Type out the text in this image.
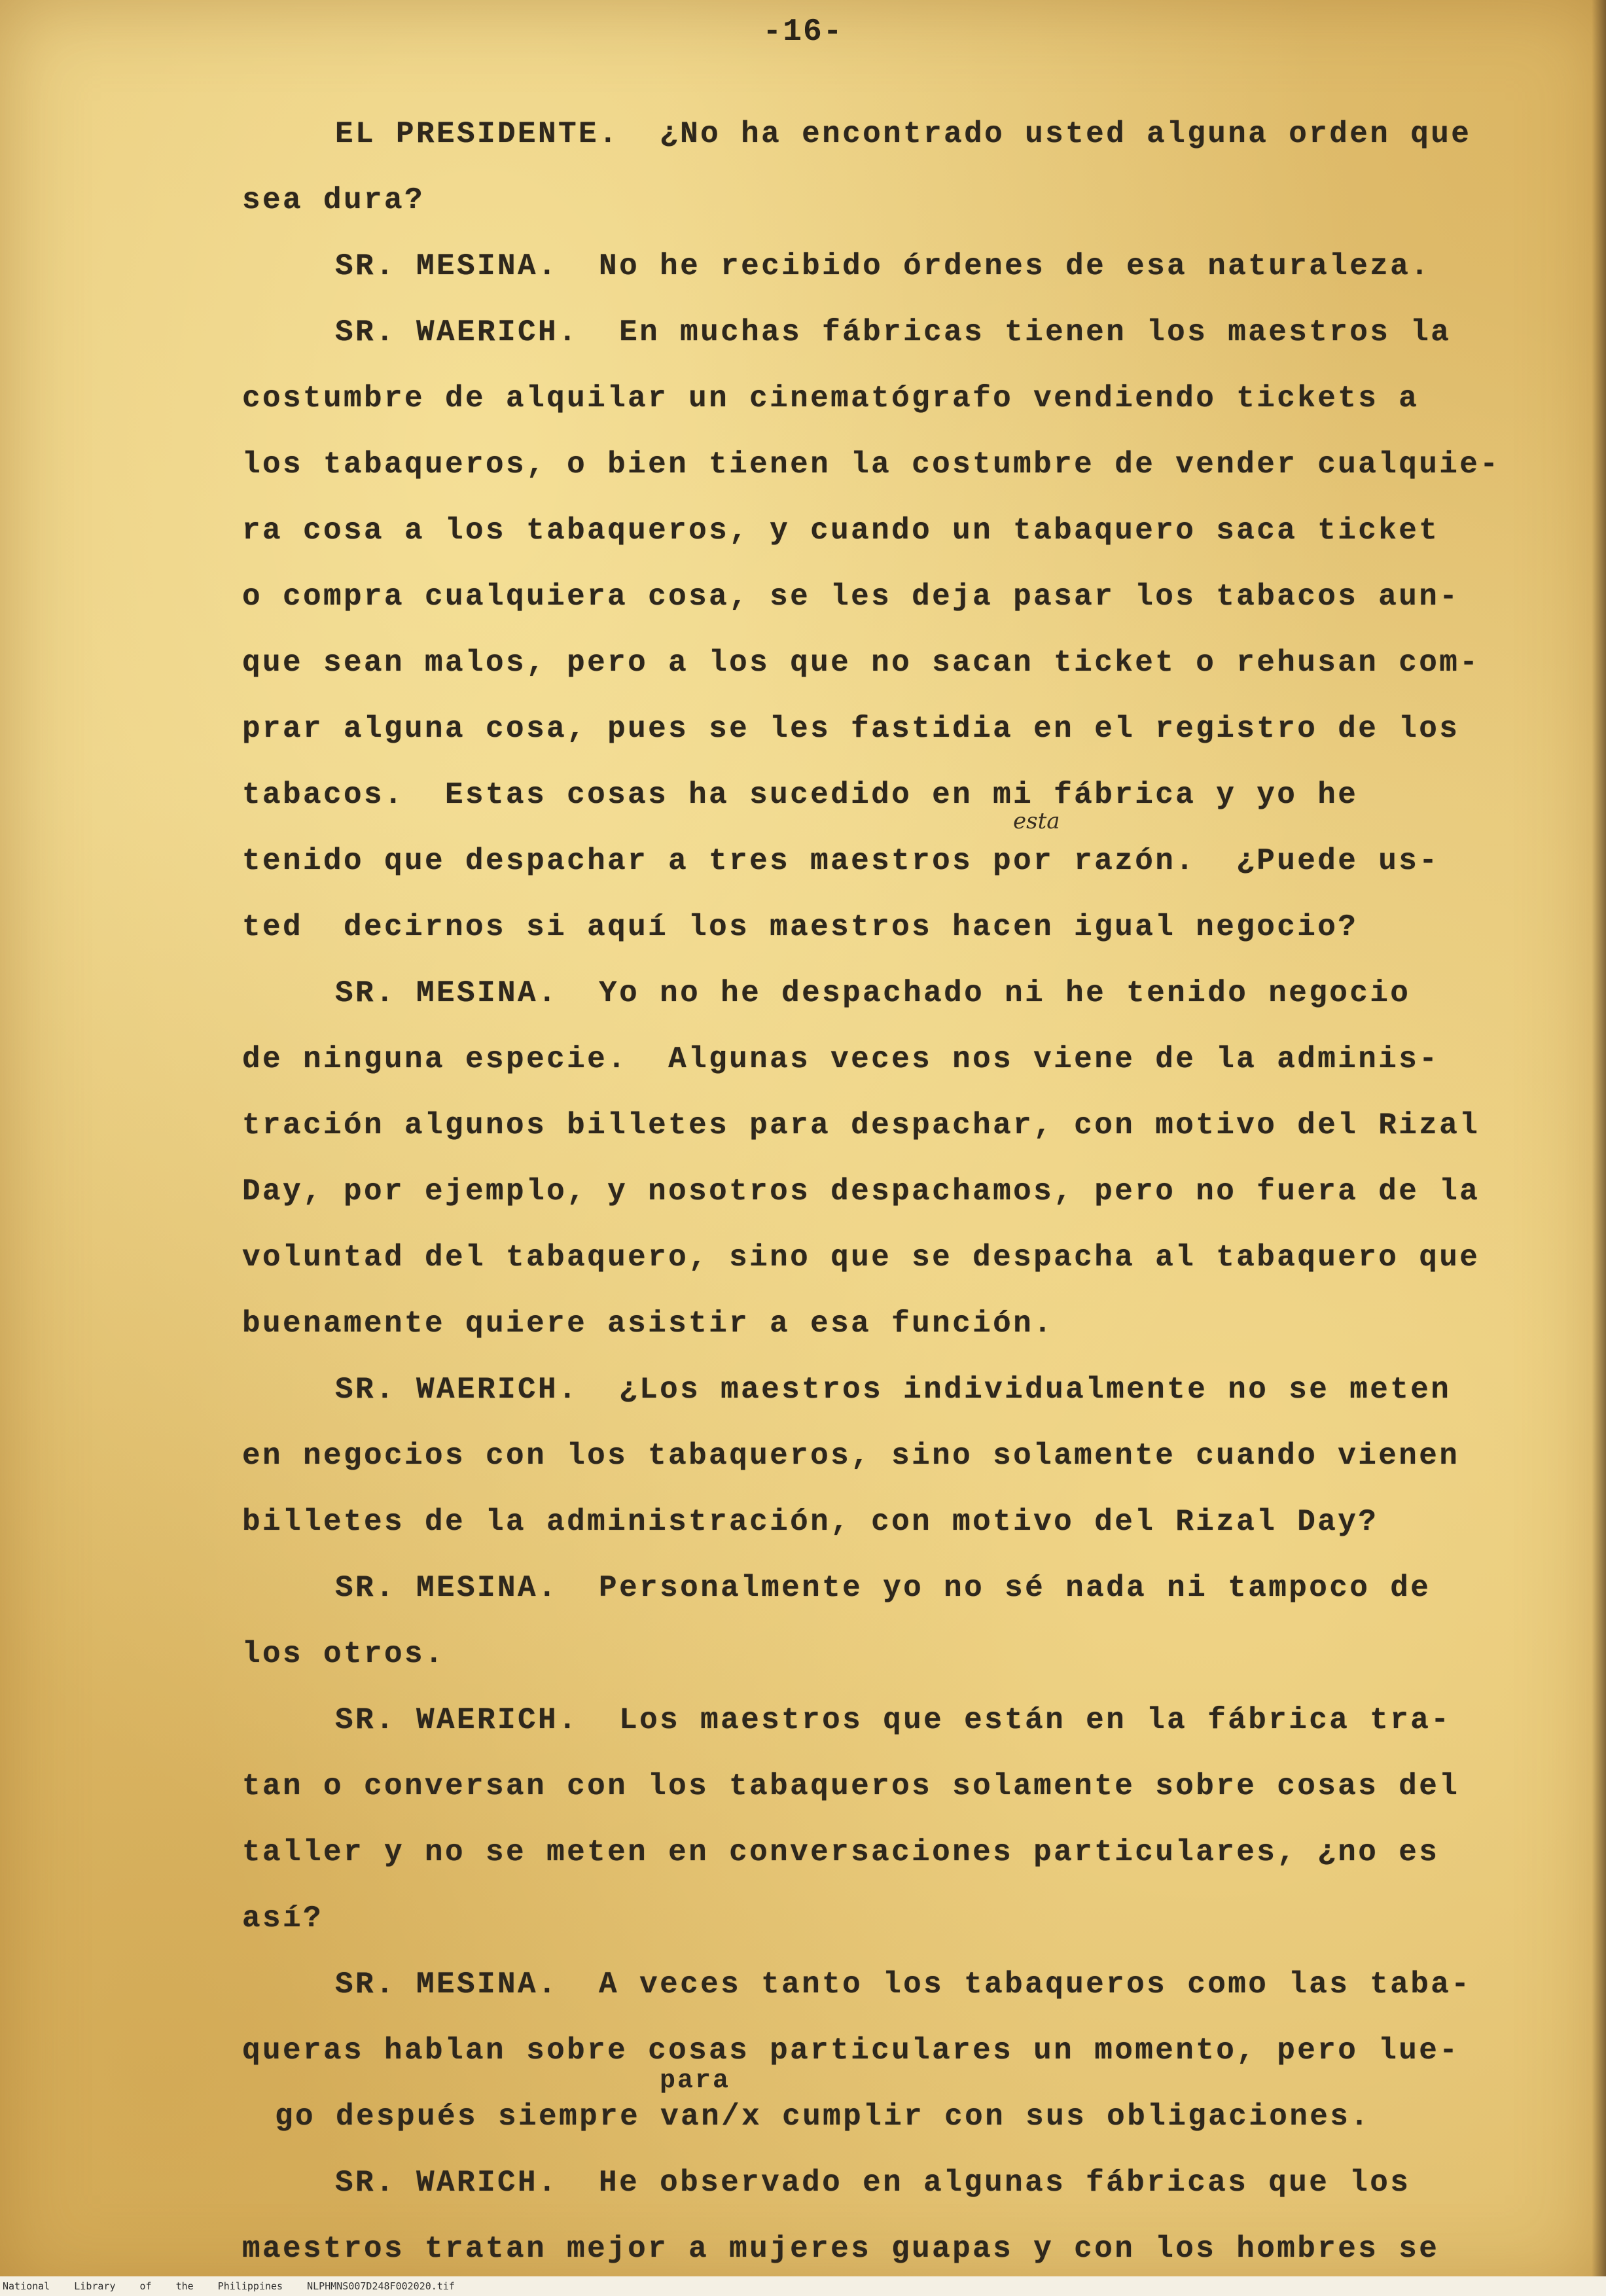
-16-
EL PRESIDENTE.  ¿No ha encontrado usted alguna orden que
sea dura?
SR. MESINA.  No he recibido órdenes de esa naturaleza.
SR. WAERICH.  En muchas fábricas tienen los maestros la
costumbre de alquilar un cinematógrafo vendiendo tickets a
los tabaqueros, o bien tienen la costumbre de vender cualquie-
ra cosa a los tabaqueros, y cuando un tabaquero saca ticket
o compra cualquiera cosa, se les deja pasar los tabacos aun-
que sean malos, pero a los que no sacan ticket o rehusan com-
prar alguna cosa, pues se les fastidia en el registro de los
tabacos.  Estas cosas ha sucedido en mi fábrica y yo he
esta
tenido que despachar a tres maestros por razón.  ¿Puede us-
ted  decirnos si aquí los maestros hacen igual negocio?
SR. MESINA.  Yo no he despachado ni he tenido negocio
de ninguna especie.  Algunas veces nos viene de la adminis-
tración algunos billetes para despachar, con motivo del Rizal
Day, por ejemplo, y nosotros despachamos, pero no fuera de la
voluntad del tabaquero, sino que se despacha al tabaquero que
buenamente quiere asistir a esa función.
SR. WAERICH.  ¿Los maestros individualmente no se meten
en negocios con los tabaqueros, sino solamente cuando vienen
billetes de la administración, con motivo del Rizal Day?
SR. MESINA.  Personalmente yo no sé nada ni tampoco de
los otros.
SR. WAERICH.  Los maestros que están en la fábrica tra-
tan o conversan con los tabaqueros solamente sobre cosas del
taller y no se meten en conversaciones particulares, ¿no es
así?
SR. MESINA.  A veces tanto los tabaqueros como las taba-
queras hablan sobre cosas particulares un momento, pero lue-
para
go después siempre van/x cumplir con sus obligaciones.
SR. WARICH.  He observado en algunas fábricas que los
maestros tratan mejor a mujeres guapas y con los hombres se
National Library of the Philippines NLPHMNS007D248F002020.tif
